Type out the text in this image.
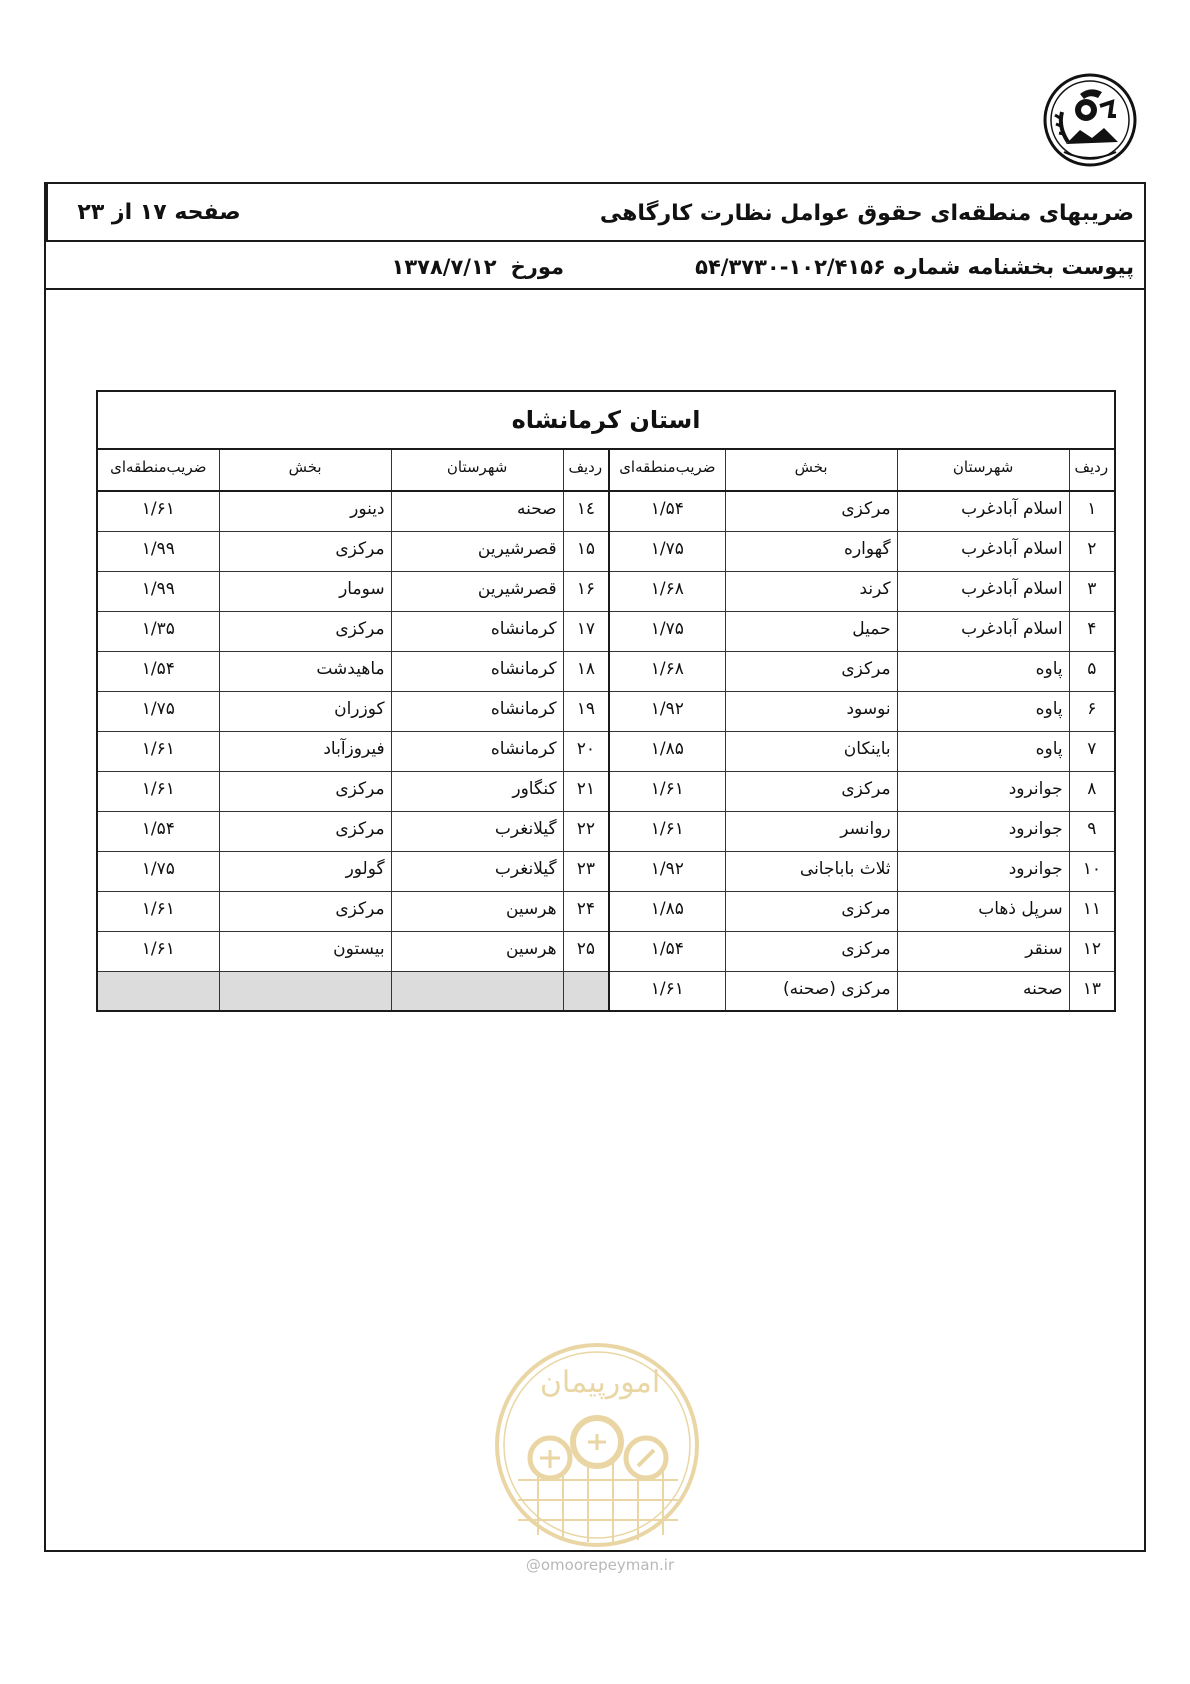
ضریبهای منطقه‌ای حقوق عوامل نظارت کارگاهی
صفحه ۱۷ از ۲۳
پیوست بخشنامه شماره ۱۰۲/۴۱۵۶-۵۴/۳۷۳۰
مورخ۱۳۷۸/۷/۱۲
استان کرمانشاه							
ردیف	شهرستان	بخش	ضریب‌منطقه‌ای	ردیف	شهرستان	بخش	ضریب‌منطقه‌ای
۱	اسلام آبادغرب	مرکزی	۱/۵۴	١٤	صحنه	دینور	۱/۶۱
۲	اسلام آبادغرب	گهواره	۱/۷۵	۱۵	قصرشیرین	مرکزی	۱/۹۹
۳	اسلام آبادغرب	کرند	۱/۶۸	۱۶	قصرشیرین	سومار	۱/۹۹
۴	اسلام آبادغرب	حمیل	۱/۷۵	۱۷	کرمانشاه	مرکزی	۱/۳۵
۵	پاوه	مرکزی	۱/۶۸	۱۸	کرمانشاه	ماهیدشت	۱/۵۴
۶	پاوه	نوسود	۱/۹۲	۱۹	کرمانشاه	کوزران	۱/۷۵
۷	پاوه	باینکان	۱/۸۵	۲۰	کرمانشاه	فیروزآباد	۱/۶۱
۸	جوانرود	مرکزی	۱/۶۱	۲۱	کنگاور	مرکزی	۱/۶۱
۹	جوانرود	روانسر	۱/۶۱	۲۲	گیلانغرب	مرکزی	۱/۵۴
۱۰	جوانرود	ثلاث باباجانی	۱/۹۲	۲۳	گیلانغرب	گولور	۱/۷۵
۱۱	سرپل ذهاب	مرکزی	۱/۸۵	۲۴	هرسین	مرکزی	۱/۶۱
۱۲	سنقر	مرکزی	۱/۵۴	۲۵	هرسین	بیستون	۱/۶۱
۱۳	صحنه	مرکزی (صحنه)	۱/۶۱				
امورپیمان
@omoorepeyman.ir
